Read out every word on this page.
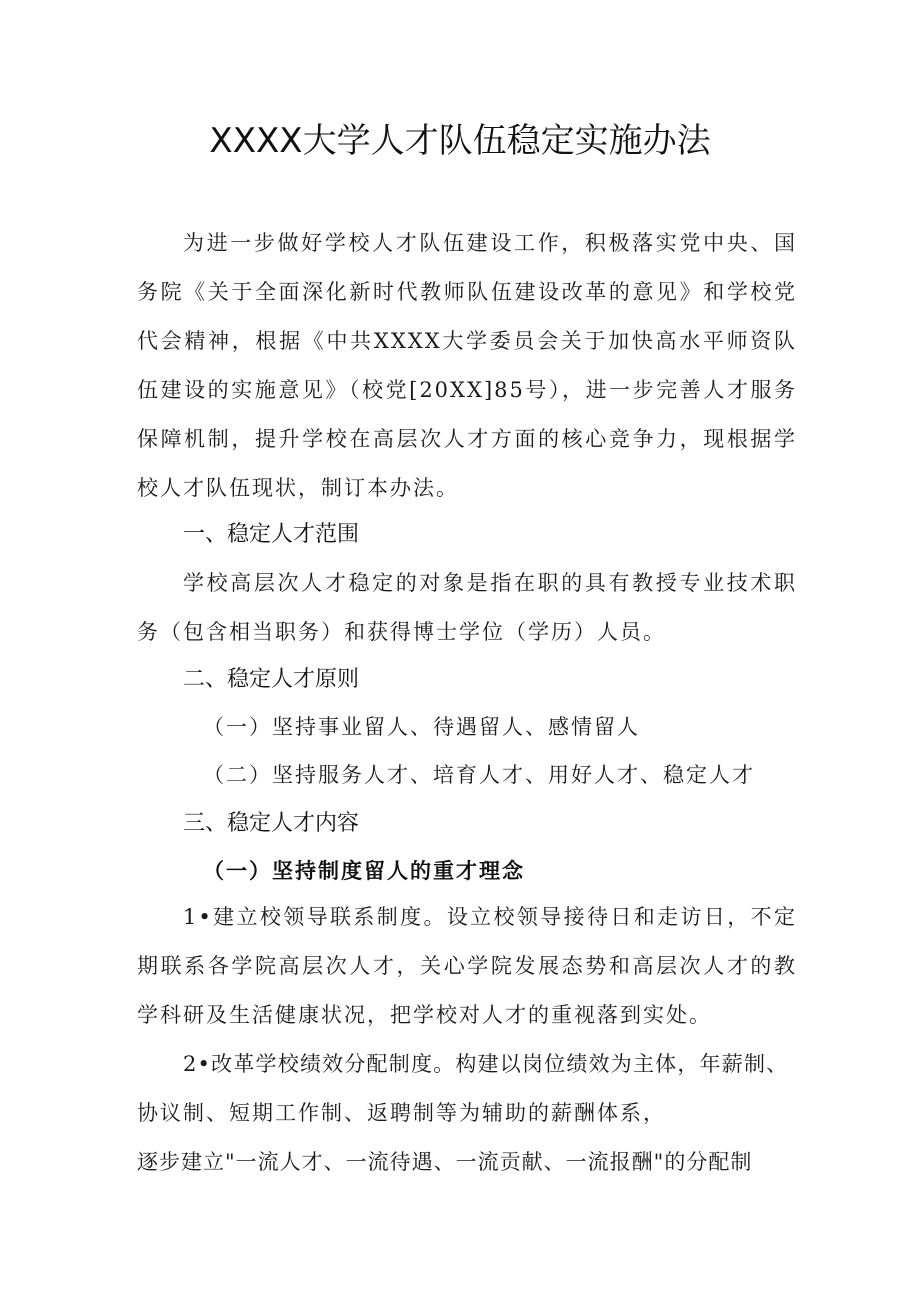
XXXX大学人才队伍稳定实施办法

为进一步做好学校人才队伍建设工作，积极落实党中央、国务院《关于全面深化新时代教师队伍建设改革的意见》和学校党代会精神，根据《中共XXXX大学委员会关于加快高水平师资队伍建设的实施意见》（校党[20XX]85号），进一步完善人才服务保障机制，提升学校在高层次人才方面的核心竞争力，现根据学校人才队伍现状，制订本办法。

一、稳定人才范围

学校高层次人才稳定的对象是指在职的具有教授专业技术职务（包含相当职务）和获得博士学位（学历）人员。

二、稳定人才原则
（一）坚持事业留人、待遇留人、感情留人
（二）坚持服务人才、培育人才、用好人才、稳定人才
三、稳定人才内容
（一）坚持制度留人的重才理念

1•建立校领导联系制度。设立校领导接待日和走访日，不定期联系各学院高层次人才，关心学院发展态势和高层次人才的教学科研及生活健康状况，把学校对人才的重视落到实处。

2•改革学校绩效分配制度。构建以岗位绩效为主体，年薪制、
协议制、短期工作制、返聘制等为辅助的薪酬体系，
逐步建立"一流人才、一流待遇、一流贡献、一流报酬"的分配制
